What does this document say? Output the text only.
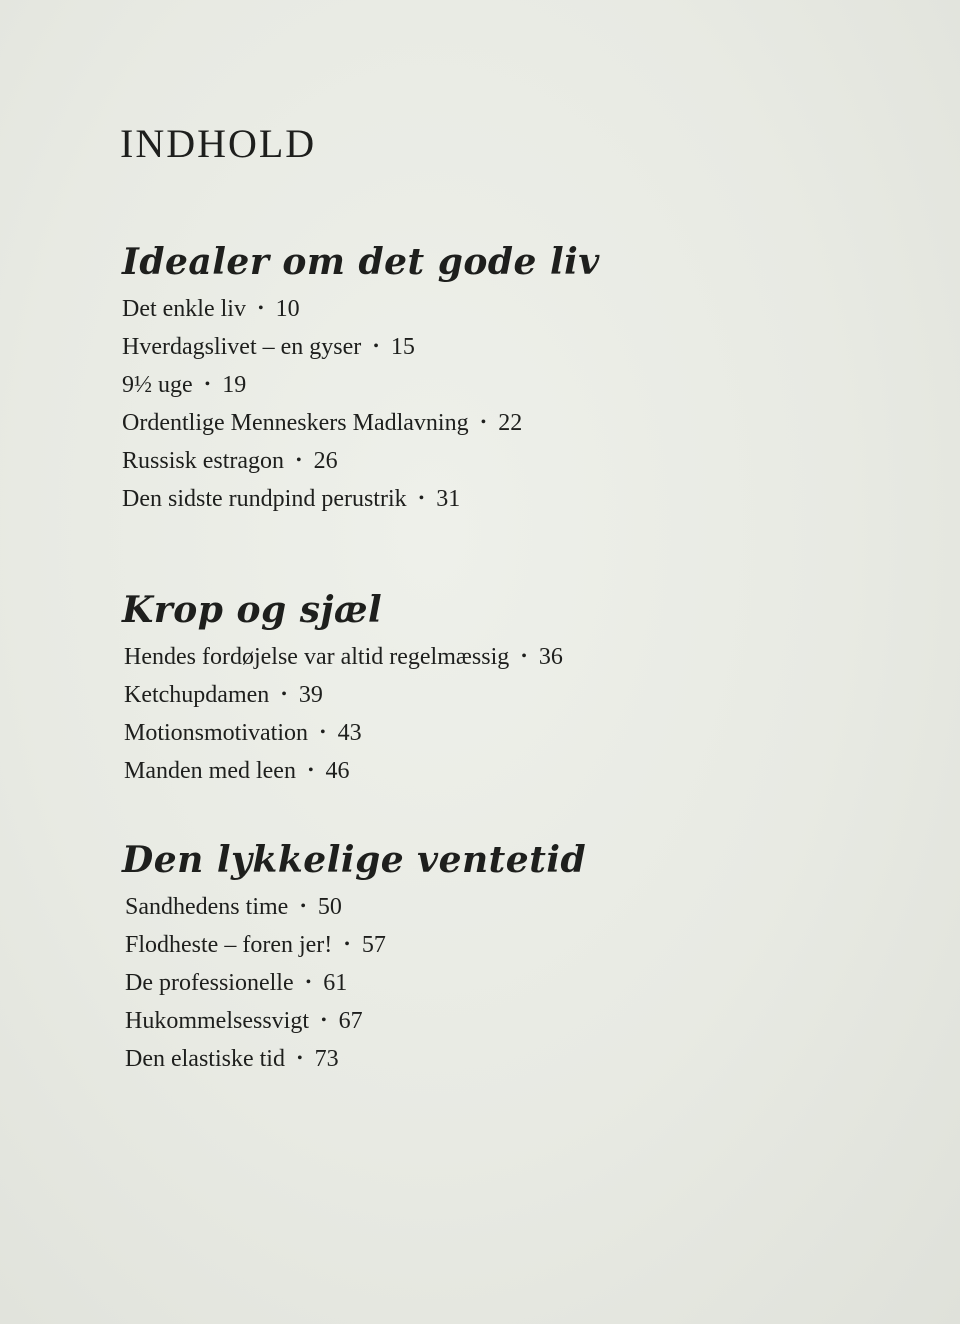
INDHOLD
Idealer om det gode liv
Det enkle liv • 10
Hverdagslivet – en gyser • 15
9½ uge • 19
Ordentlige Menneskers Madlavning • 22
Russisk estragon • 26
Den sidste rundpind perustrik • 31
Krop og sjæl
Hendes fordøjelse var altid regelmæssig • 36
Ketchupdamen • 39
Motionsmotivation • 43
Manden med leen • 46
Den lykkelige ventetid
Sandhedens time • 50
Flodheste – foren jer! • 57
De professionelle • 61
Hukommelsessvigt • 67
Den elastiske tid • 73
